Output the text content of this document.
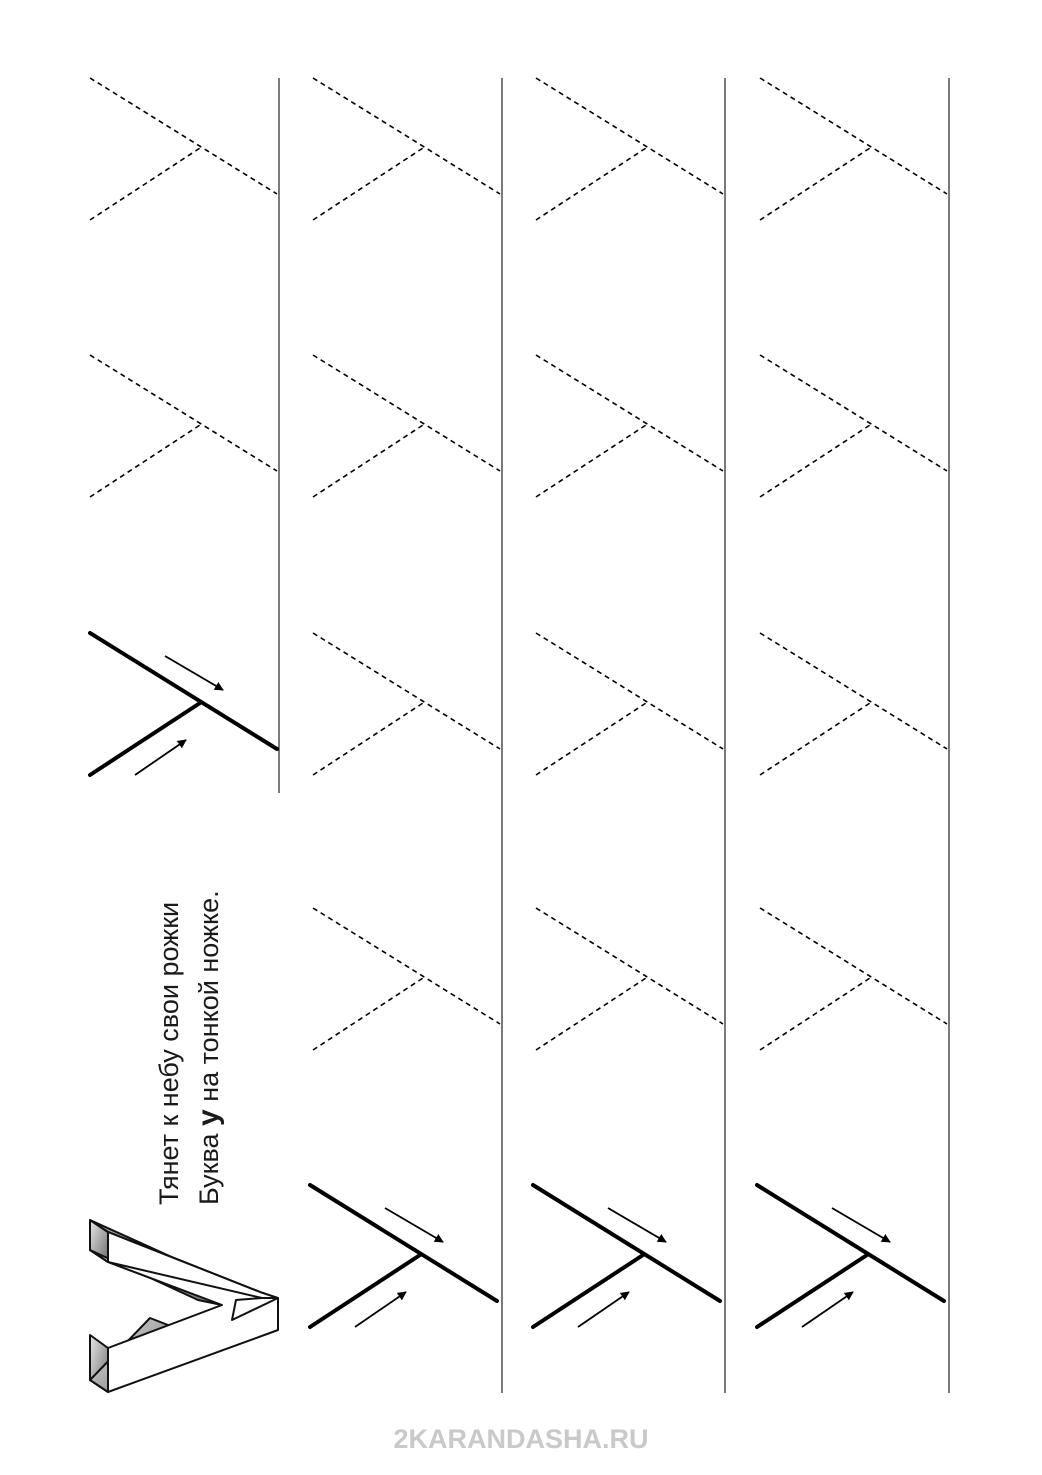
Тянет к небу свои рожки Буква у на тонкой ножке.
2KARANDASHA.RU
